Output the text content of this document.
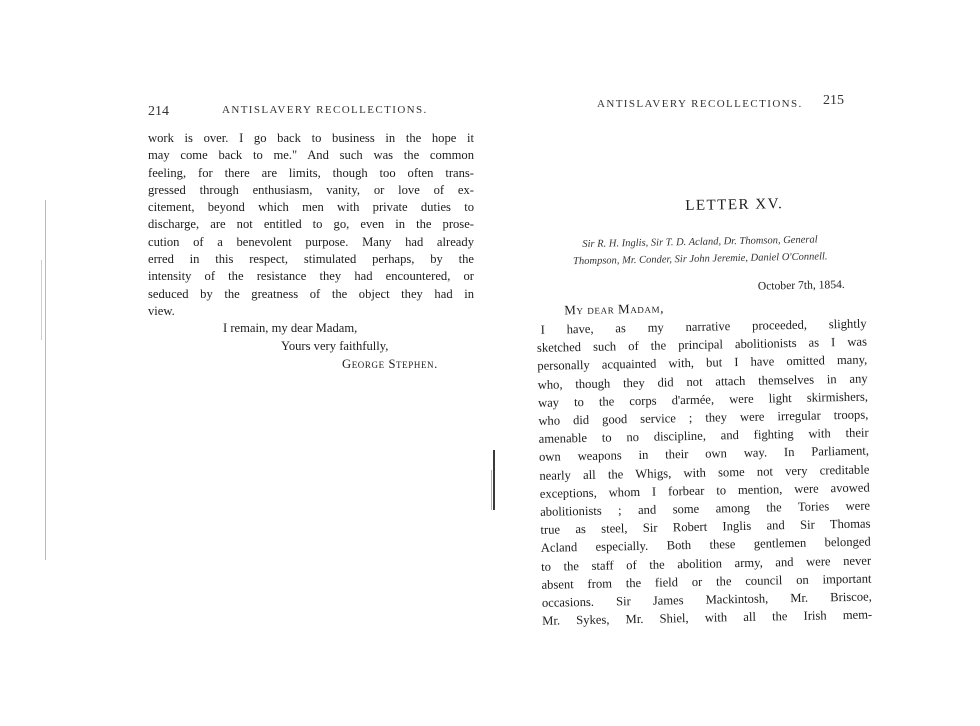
214	ANTISLAVERY RECOLLECTIONS.
work is over. I go back to business in the hope it
may come back to me." And such was the common
feeling, for there are limits, though too often trans-
gressed through enthusiasm, vanity, or love of ex-
citement, beyond which men with private duties to
discharge, are not entitled to go, even in the prose-
cution of a benevolent purpose. Many had already
erred in this respect, stimulated perhaps, by the
intensity of the resistance they had encountered, or
seduced by the greatness of the object they had in
view.
I remain, my dear Madam,
Yours very faithfully,
George Stephen.
ANTISLAVERY RECOLLECTIONS. 215
LETTER XV.
Sir R. H. Inglis, Sir T. D. Acland, Dr. Thomson, General
Thompson, Mr. Conder, Sir John Jeremie, Daniel O'Connell.
October 7th, 1854.
My dear Madam,
I have, as my narrative proceeded, slightly
sketched such of the principal abolitionists as I was
personally acquainted with, but I have omitted many,
who, though they did not attach themselves in any
way to the corps d'armée, were light skirmishers,
who did good service ; they were irregular troops,
amenable to no discipline, and fighting with their
own weapons in their own way. In Parliament,
nearly all the Whigs, with some not very creditable
exceptions, whom I forbear to mention, were avowed
abolitionists ; and some among the Tories were
true as steel, Sir Robert Inglis and Sir Thomas
Acland especially. Both these gentlemen belonged
to the staff of the abolition army, and were never
absent from the field or the council on important
occasions. Sir James Mackintosh, Mr. Briscoe,
Mr. Sykes, Mr. Shiel, with all the Irish mem-
